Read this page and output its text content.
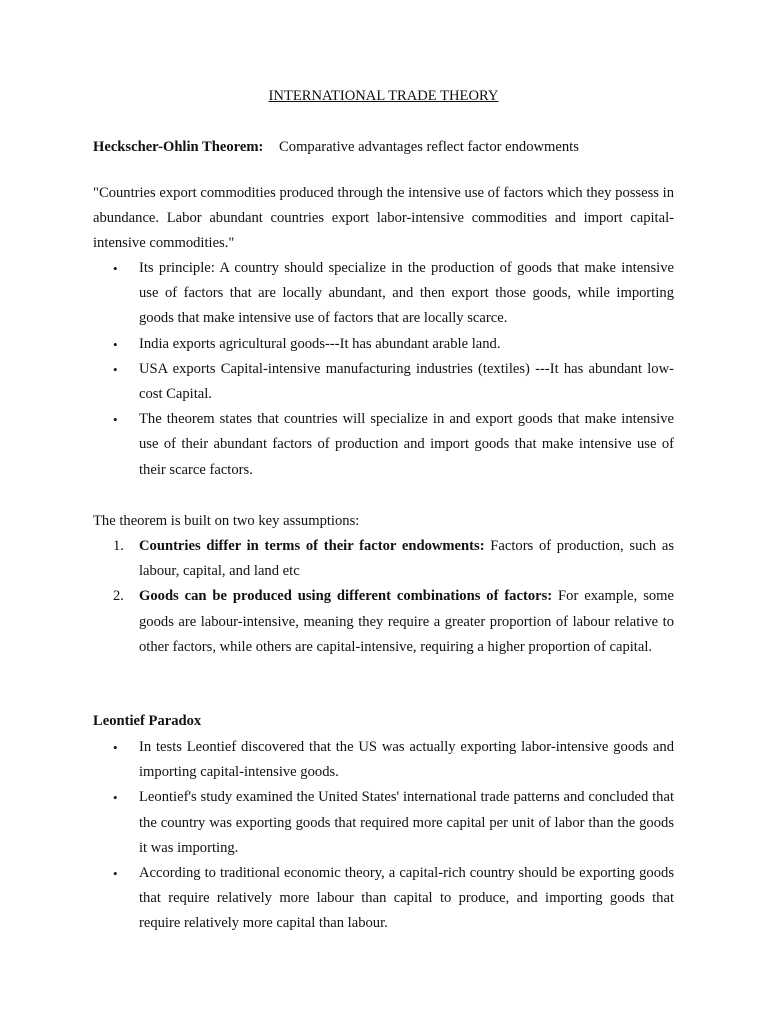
INTERNATIONAL TRADE THEORY

Heckscher-Ohlin Theorem: Comparative advantages reflect factor endowments

"Countries export commodities produced through the intensive use of factors which they possess in abundance. Labor abundant countries export labor-intensive commodities and import capital-intensive commodities."

• Its principle: A country should specialize in the production of goods that make intensive use of factors that are locally abundant, and then export those goods, while importing goods that make intensive use of factors that are locally scarce.
• India exports agricultural goods---It has abundant arable land.
• USA exports Capital-intensive manufacturing industries (textiles) ---It has abundant low-cost Capital.
• The theorem states that countries will specialize in and export goods that make intensive use of their abundant factors of production and import goods that make intensive use of their scarce factors.

The theorem is built on two key assumptions:

1. Countries differ in terms of their factor endowments: Factors of production, such as labour, capital, and land etc
2. Goods can be produced using different combinations of factors: For example, some goods are labour-intensive, meaning they require a greater proportion of labour relative to other factors, while others are capital-intensive, requiring a higher proportion of capital.

Leontief Paradox

• In tests Leontief discovered that the US was actually exporting labor-intensive goods and importing capital-intensive goods.
• Leontief's study examined the United States' international trade patterns and concluded that the country was exporting goods that required more capital per unit of labor than the goods it was importing.
• According to traditional economic theory, a capital-rich country should be exporting goods that require relatively more labour than capital to produce, and importing goods that require relatively more capital than labour.
